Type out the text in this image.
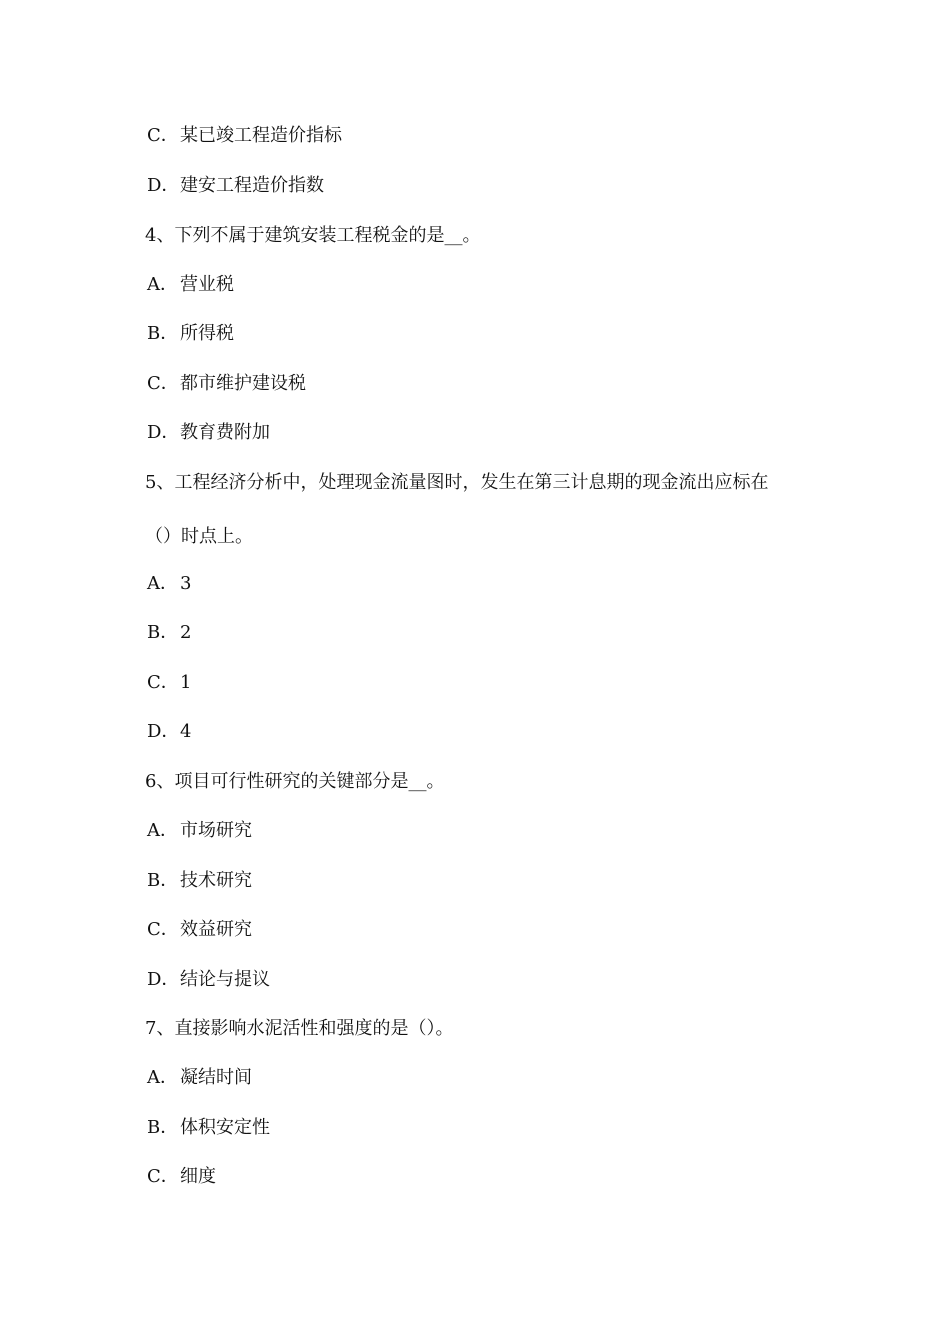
C．某已竣工程造价指标
D．建安工程造价指数
4、下列不属于建筑安装工程税金的是__。
A． 营业税
B．所得税
C．都市维护建设税
D．教育费附加
5、工程经济分析中，处理现金流量图时，发生在第三计息期的现金流出应标在
（）时点上。
A． 3
B．2
C．1
D．4
6、项目可行性研究的关键部分是__。
A． 市场研究
B．技术研究
C．效益研究
D．结论与提议
7、直接影响水泥活性和强度的是（）。
A． 凝结时间
B．体积安定性
C．细度
